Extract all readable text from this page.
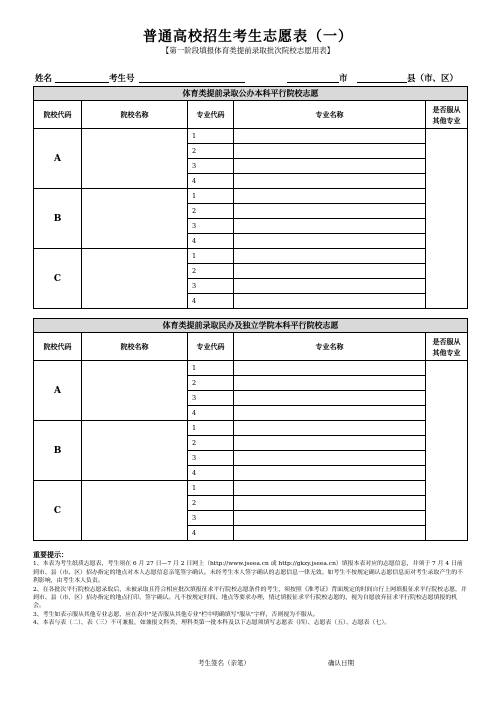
普通高校招生考生志愿表（一）
【第一阶段填报体育类提前录取批次院校志愿用表】
姓名	考生号	市	县（市、区）
体育类提前录取公办本科平行院校志愿				
院校代码	院校名称	专业代码	专业名称	是否服从
其他专业
A		1		
		2		
		3		
		4		
B		1		
		2		
		3		
		4		
C		1		
		2		
		3		
		4		
体育类提前录取民办及独立学院本科平行院校志愿				
院校代码	院校名称	专业代码	专业名称	是否服从
其他专业
A		1		
		2		
		3		
		4		
B		1		
		2		
		3		
		4		
C		1		
		2		
		3		
		4		
重要提示：
1、本表为考生纸质志愿表，考生须在 6 月 27 日—7 月 2 日网上（http://www.jseea.cn 或 http://gkzy.jseea.cn）填报本表对应的志愿信息，并须于 7 月 4 日前到市、县（市、区）招办指定的地点对本人志愿信息亲笔签字确认。未经考生本人签字确认的志愿信息一律无效。如考生不按规定确认志愿信息而对考生录取产生的不利影响，由考生本人负责。
2、在各批次平行院校志愿录取后，未被录取且符合相应批次填报征求平行院校志愿条件的考生，须按照《准考证》背面规定的时间自行上网填报征求平行院校志愿，并到市、县（市、区）招办指定的地点打印、签字确认。凡不按规定时间、地点等要求办理，情过填报征求平行院校志愿的，视为自愿放弃征求平行院校志愿填报的机会。
3、考生如表示服从其他专业志愿，应在表中"是否服从其他专业"栏中明确填写"服从"字样，否则视为不服从。
4、本表与表（二）、表（三）不可兼报，如兼报文科类、理科类第一批本科及以下志愿须填写志愿表（四）、志愿表（五）、志愿表（七）。
考生签名（亲笔）	确认日期
